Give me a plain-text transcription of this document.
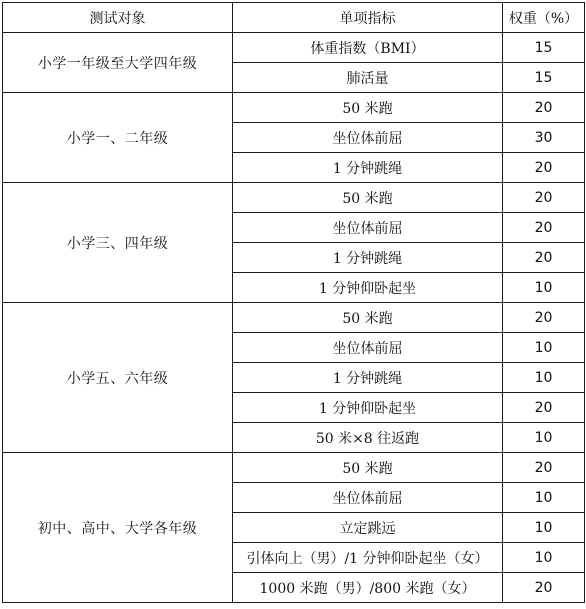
测试对象	单项指标	权重（%）
小学一年级至大学四年级	体重指数（BMI）	15
	肺活量	15
小学一、二年级	50 米跑	20
	坐位体前屈	30
	1 分钟跳绳	20
小学三、四年级	50 米跑	20
	坐位体前屈	20
	1 分钟跳绳	20
	1 分钟仰卧起坐	10
小学五、六年级	50 米跑	20
	坐位体前屈	10
	1 分钟跳绳	10
	1 分钟仰卧起坐	20
	50 米×8 往返跑	10
初中、高中、大学各年级	50 米跑	20
	坐位体前屈	10
	立定跳远	10
	引体向上（男）/1 分钟仰卧起坐（女）	10
	1000 米跑（男）/800 米跑（女）	20
